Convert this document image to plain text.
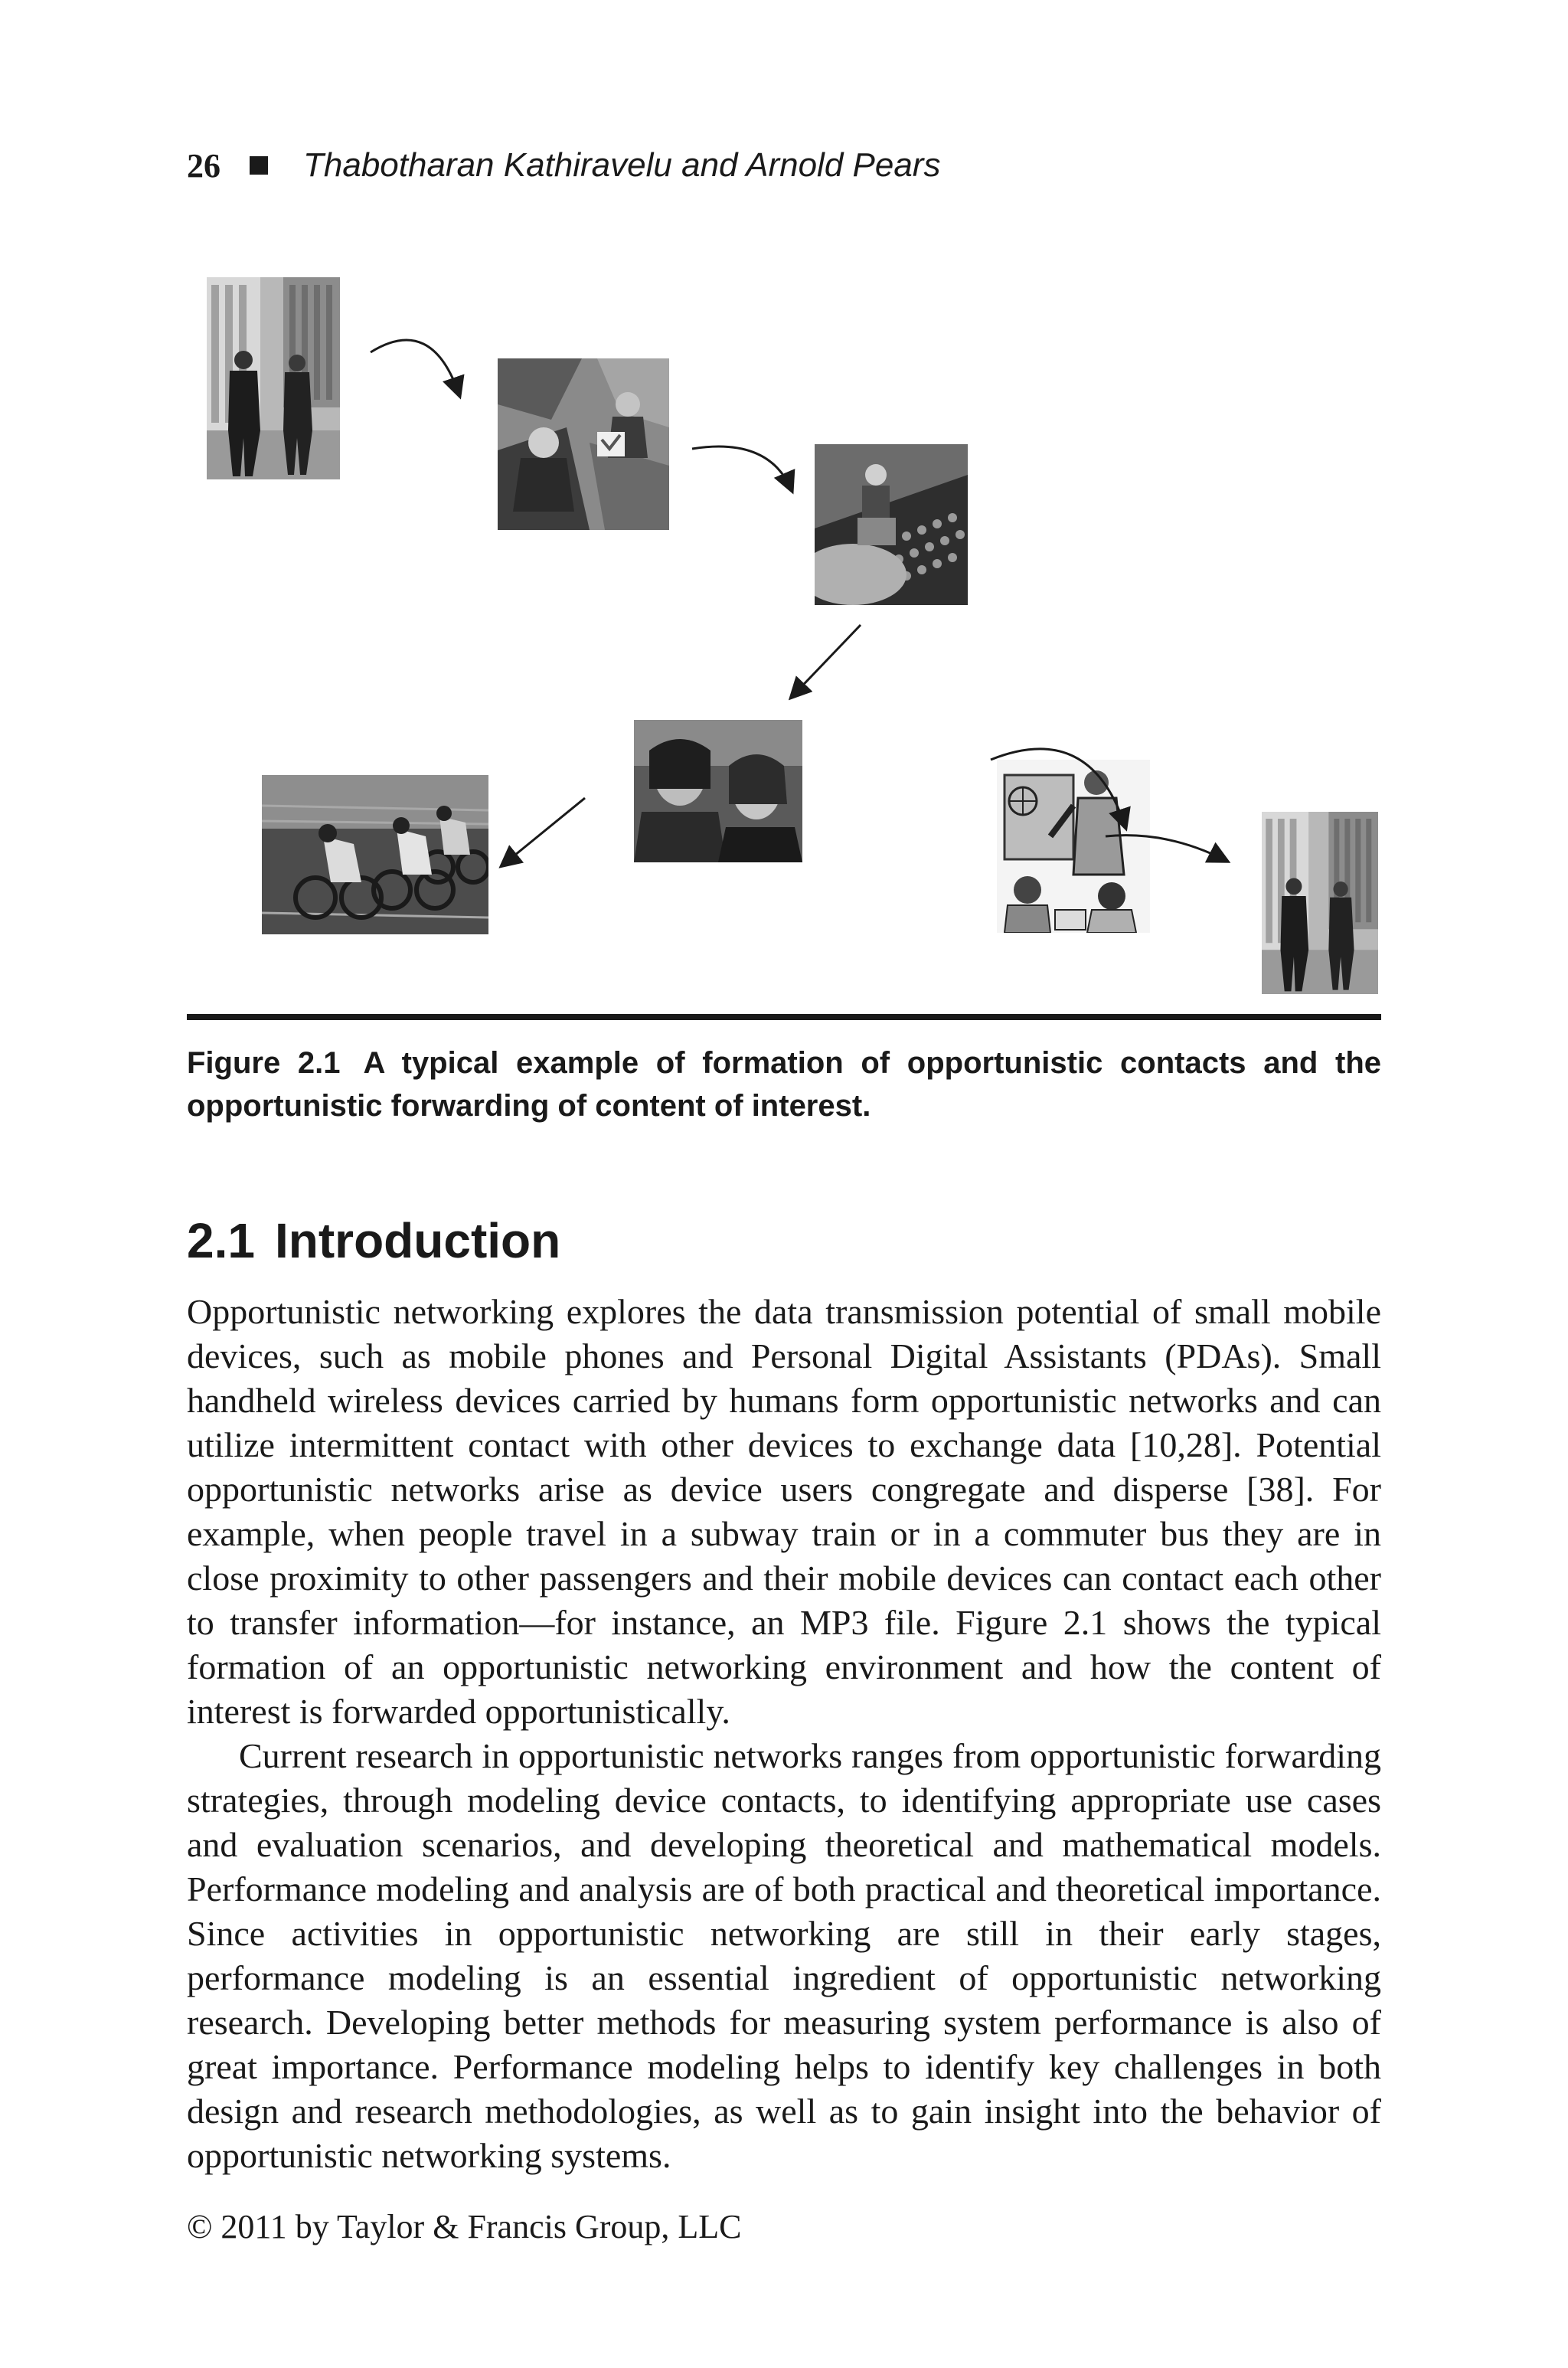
26 Thabotharan Kathiravelu and Arnold Pears
Figure 2.1 A typical example of formation of opportunistic contacts and the opportunistic forwarding of content of interest.
2.1 Introduction

Opportunistic networking explores the data transmission potential of small mobile devices, such as mobile phones and Personal Digital Assistants (PDAs). Small handheld wireless devices carried by humans form opportunistic networks and can utilize intermittent contact with other devices to exchange data [10,28]. Potential opportunistic networks arise as device users congregate and disperse [38]. For example, when people travel in a subway train or in a commuter bus they are in close proximity to other passengers and their mobile devices can contact each other to transfer information—for instance, an MP3 file. Figure 2.1 shows the typical formation of an opportunistic networking environment and how the content of interest is forwarded opportunistically.

Current research in opportunistic networks ranges from opportunistic forwarding strategies, through modeling device contacts, to identifying appropriate use cases and evaluation scenarios, and developing theoretical and mathematical models. Performance modeling and analysis are of both practical and theoretical importance. Since activities in opportunistic networking are still in their early stages, performance modeling is an essential ingredient of opportunistic networking research. Developing better methods for measuring system performance is also of great importance. Performance modeling helps to identify key challenges in both design and research methodologies, as well as to gain insight into the behavior of opportunistic networking systems.

© 2011 by Taylor & Francis Group, LLC
